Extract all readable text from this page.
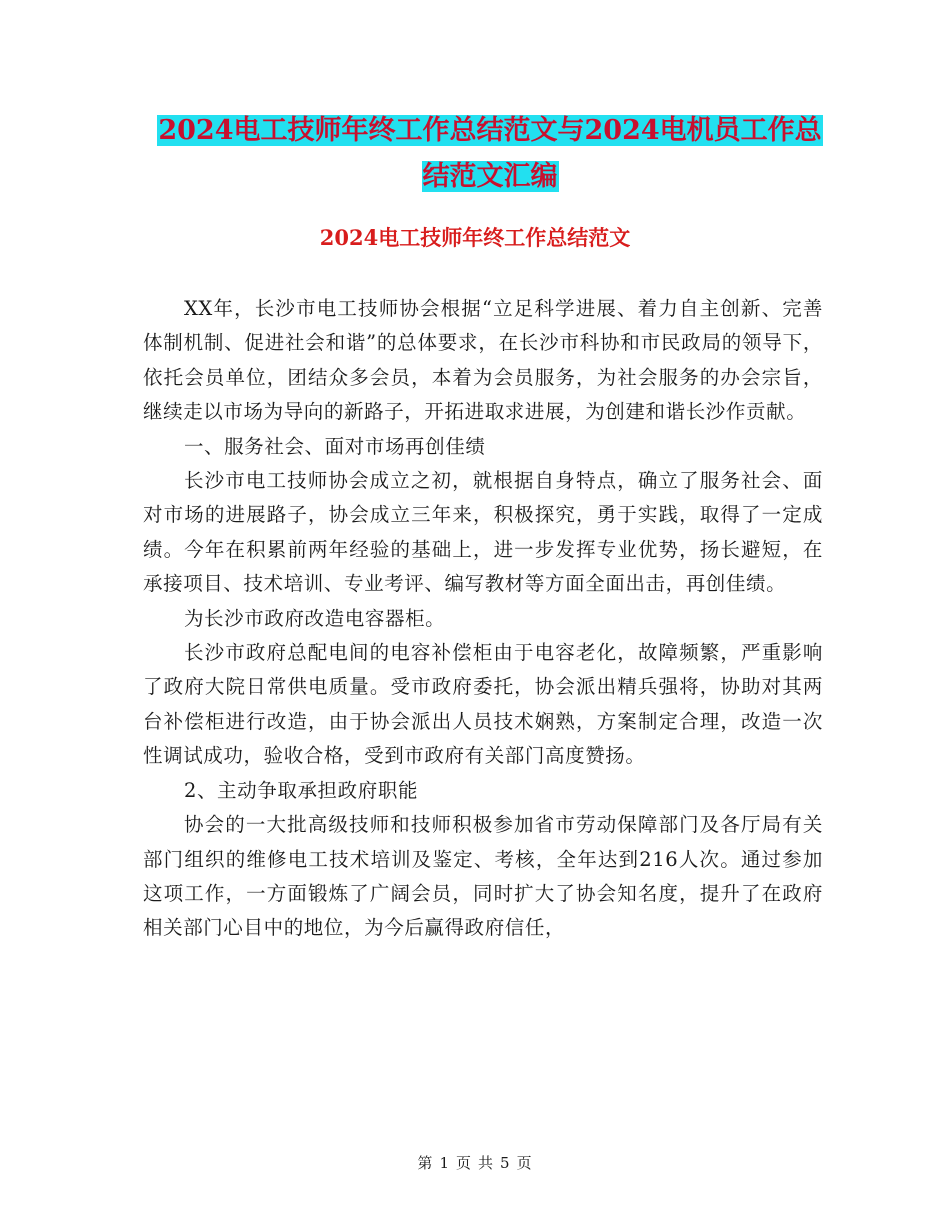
2024电工技师年终工作总结范文与2024电机员工作总
结范文汇编
2024电工技师年终工作总结范文

XX年，长沙市电工技师协会根据“立足科学进展、着力自主创新、完善体制机制、促进社会和谐”的总体要求，在长沙市科协和市民政局的领导下，依托会员单位，团结众多会员，本着为会员服务，为社会服务的办会宗旨，继续走以市场为导向的新路子，开拓进取求进展，为创建和谐长沙作贡献。

一、服务社会、面对市场再创佳绩

长沙市电工技师协会成立之初，就根据自身特点，确立了服务社会、面对市场的进展路子，协会成立三年来，积极探究，勇于实践，取得了一定成绩。今年在积累前两年经验的基础上，进一步发挥专业优势，扬长避短，在承接项目、技术培训、专业考评、编写教材等方面全面出击，再创佳绩。

为长沙市政府改造电容器柜。

长沙市政府总配电间的电容补偿柜由于电容老化，故障频繁，严重影响了政府大院日常供电质量。受市政府委托，协会派出精兵强将，协助对其两台补偿柜进行改造，由于协会派出人员技术娴熟，方案制定合理，改造一次性调试成功，验收合格，受到市政府有关部门高度赞扬。

2、主动争取承担政府职能

协会的一大批高级技师和技师积极参加省市劳动保障部门及各厅局有关部门组织的维修电工技术培训及鉴定、考核，全年达到216人次。通过参加这项工作，一方面锻炼了广阔会员，同时扩大了协会知名度，提升了在政府相关部门心目中的地位，为今后赢得政府信任，

第 1 页 共 5 页
